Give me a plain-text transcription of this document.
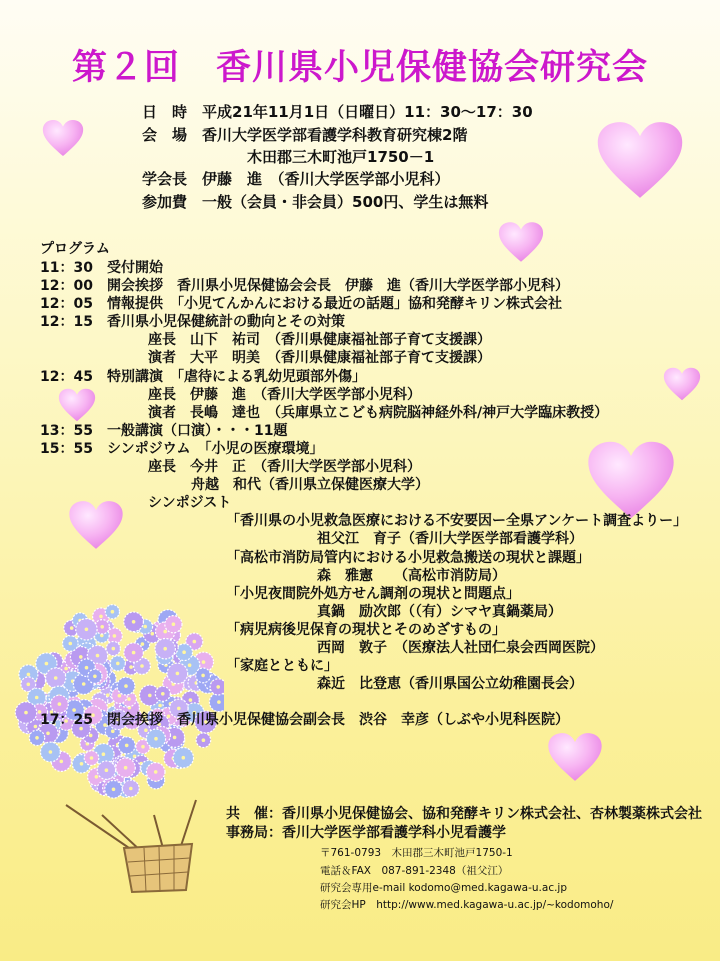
第２回　香川県小児保健協会研究会
日　時　平成21年11月1日（日曜日）11：30～17：30
会　場　香川大学医学部看護学科教育研究棟2階
木田郡三木町池戸1750－1
学会長　伊藤　進　（香川大学医学部小児科）
参加費　一般（会員・非会員）500円、学生は無料
プログラム
11：30　受付開始
12：00　開会挨拶　香川県小児保健協会会長　伊藤　進（香川大学医学部小児科）
12：05　情報提供　「小児てんかんにおける最近の話題」協和発酵キリン株式会社
12：15　香川県小児保健統計の動向とその対策
座長　山下　祐司　（香川県健康福祉部子育て支援課）
演者　大平　明美　（香川県健康福祉部子育て支援課）
12：45　特別講演　「虐待による乳幼児頭部外傷」
座長　伊藤　進　（香川大学医学部小児科）
演者　長嶋　達也　（兵庫県立こども病院脳神経外科/神戸大学臨床教授）
13：55　一般講演（口演）・・・11題
15：55　シンポジウム　「小児の医療環境」
座長　今井　正　（香川大学医学部小児科）
舟越　和代（香川県立保健医療大学）
シンポジスト
「香川県の小児救急医療における不安要因ー全県アンケート調査よりー」
祖父江　育子（香川大学医学部看護学科）
「高松市消防局管内における小児救急搬送の現状と課題」
森　雅憲　　（高松市消防局）
「小児夜間院外処方せん調剤の現状と問題点」
真鍋　励次郎（（有）シマヤ真鍋薬局）
「病児病後児保育の現状とそのめざすもの」
西岡　敦子　（医療法人社団仁泉会西岡医院）
「家庭とともに」
森近　比登恵（香川県国公立幼稚園長会）
17：25　閉会挨拶　香川県小児保健協会副会長　渋谷　幸彦（しぶや小児科医院）
共　催：香川県小児保健協会、協和発酵キリン株式会社、杏林製薬株式会社
事務局：香川大学医学部看護学科小児看護学
〒761-0793　木田郡三木町池戸1750-1
電話＆FAX　087-891-2348（祖父江）
研究会専用e-mail kodomo@med.kagawa-u.ac.jp
研究会HP　http://www.med.kagawa-u.ac.jp/~kodomoho/
